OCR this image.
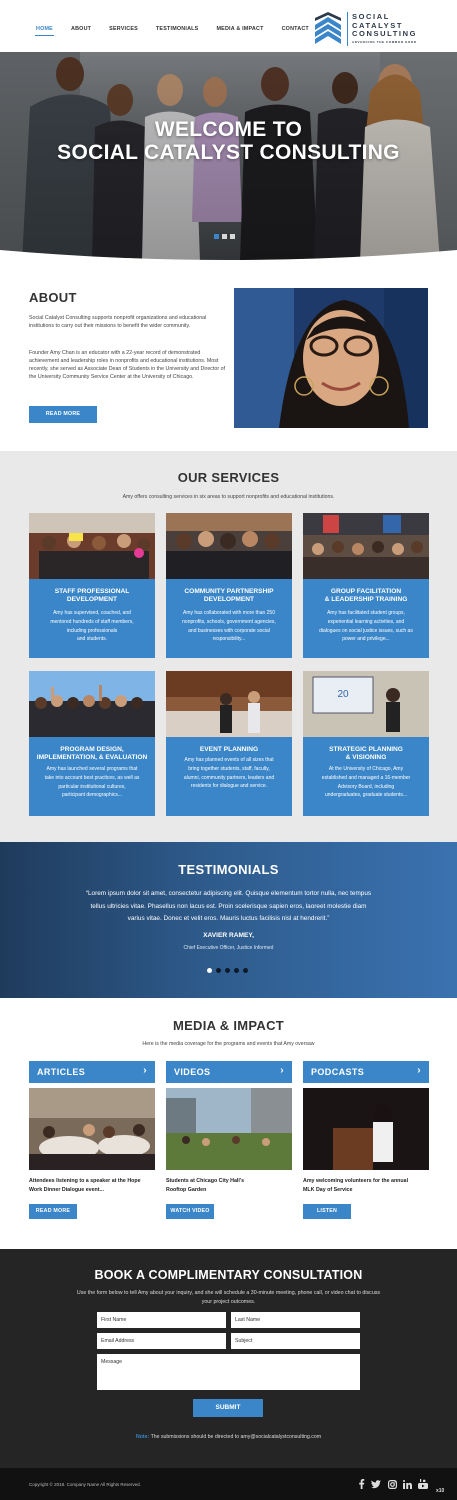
HOME	ABOUT	SERVICES	TESTIMONIALS	MEDIA & IMPACT	CONTACT
SOCIAL
CATALYST
CONSULTING
ADVANCING THE COMMON GOOD
WELCOME TO
SOCIAL CATALYST CONSULTING
ABOUT
Social Catalyst Consulting supports nonprofit organizations and educational institutions to carry out their missions to benefit the wider community.
Founder Amy Chan is an educator with a 22-year record of demonstrated achievement and leadership roles in nonprofits and educational institutions. Most recently, she served as Associate Dean of Students in the University and Director of the University Community Service Center at the University of Chicago.
READ MORE
OUR SERVICES
Amy offers consulting services in six areas to support nonprofits and educational institutions.
STAFF PROFESSIONAL
DEVELOPMENT
Amy has supervised, coached, and
mentored hundreds of staff members,
including professionals
and students.
COMMUNITY PARTNERSHIP
DEVELOPMENT
Amy has collaborated with more than 250
nonprofits, schools, government agencies,
and businesses with corporate social
responsibility...
GROUP FACILITATION
& LEADERSHIP TRAINING
Amy has facilitated student groups,
experiential learning activities, and
dialogues on social justice issues, such as
power and privilege...
PROGRAM DESIGN,
IMPLEMENTATION, & EVALUATION
Amy has launched several programs that
take into account best practices, as well as
particular institutional cultures,
participant demographics...
EVENT PLANNING
Amy has planned events of all sizes that
bring together students, staff, faculty,
alumni, community partners, leaders and
residents for dialogue and service.
20
STRATEGIC PLANNING
& VISIONING
At the University of Chicago, Amy
established and managed a 16-member
Advisory Board, including
undergraduates, graduate students...
TESTIMONIALS
“Lorem ipsum dolor sit amet, consectetur adipiscing elit. Quisque elementum tortor nulla, nec tempus
tellus ultricies vitae. Phasellus non lacus est. Proin scelerisque sapien eros, laoreet molestie diam
varius vitae. Donec et velit eros. Mauris luctus facilisis nisl at hendrerit.”
XAVIER RAMEY,
Chief Executive Officer, Justice Informed
MEDIA & IMPACT
Here is the media coverage for the programs and events that Amy oversaw
ARTICLES	›	VIDEOS	›	PODCASTS	›
Attendees listening to a speaker at the Hope
Work Dinner Dialogue event...
Students at Chicago City Hall’s
Rooftop Garden
Amy welcoming volunteers for the annual
MLK Day of Service
READ MORE	WATCH VIDEO	LISTEN
BOOK A COMPLIMENTARY CONSULTATION
Use the form below to tell Amy about your inquiry, and she will schedule a 30-minute meeting, phone call, or video chat to discuss
your project outcomes.
First Name	Last Name
Email Address	Subject
Message
SUBMIT
Note: The submissions should be directed to amy@socialcatalystconsulting.com
Copyright © 2018. Company Name All Rights Reserved.
x10
